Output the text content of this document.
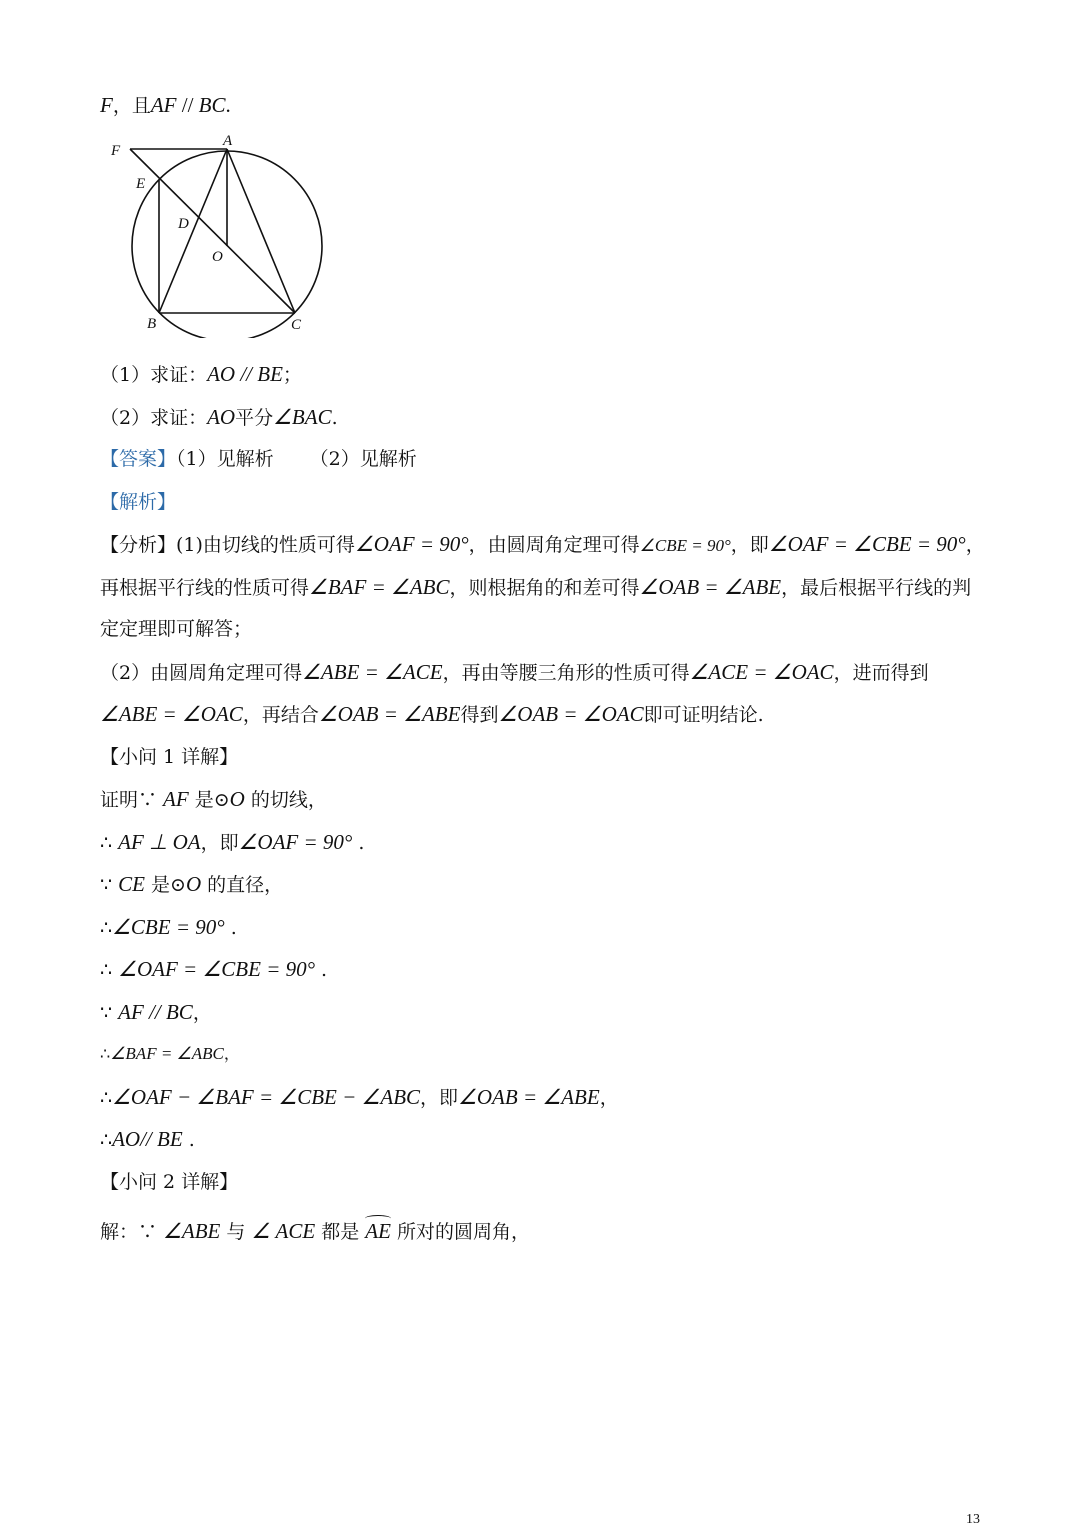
F，且AF // BC.
F
A
E
D
O
B	C
（1）求证：AO // BE；
（2）求证：AO平分∠BAC.
【答案】（1）见解析 （2）见解析
【解析】
【分析】(1)由切线的性质可得∠OAF = 90°，由圆周角定理可得∠CBE = 90°，即∠OAF = ∠CBE = 90°，
再根据平行线的性质可得∠BAF = ∠ABC，则根据角的和差可得∠OAB = ∠ABE，最后根据平行线的判
定定理即可解答；
（2）由圆周角定理可得∠ABE = ∠ACE，再由等腰三角形的性质可得∠ACE = ∠OAC，进而得到
∠ABE = ∠OAC，再结合∠OAB = ∠ABE得到∠OAB = ∠OAC即可证明结论.
【小问 1 详解】
证明∵ AF 是⊙O 的切线，
∴ AF ⊥ OA，即∠OAF = 90° .
∵ CE 是⊙O 的直径，
∴∠CBE = 90° .
∴ ∠OAF = ∠CBE = 90° .
∵ AF // BC，
∴∠BAF = ∠ABC，
∴∠OAF − ∠BAF = ∠CBE − ∠ABC，即∠OAB = ∠ABE，
∴AO// BE .
【小问 2 详解】
解：∵ ∠ABE 与 ∠ ACE 都是 AE 所对的圆周角，
13
